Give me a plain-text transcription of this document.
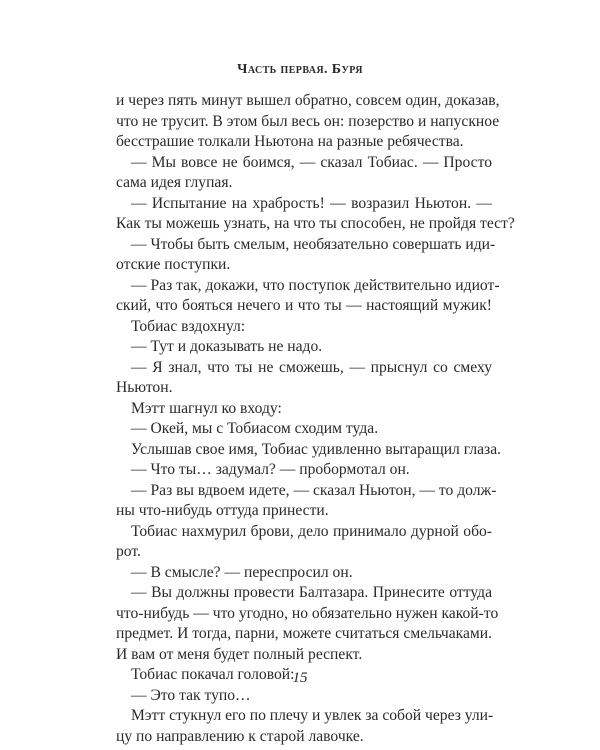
Часть первая. Буря
и через пять минут вышел обратно, совсем один, доказав,
что не трусит. В этом был весь он: позерство и напускное
бесстрашие толкали Ньютона на разные ребячества.
— Мы вовсе не боимся, — сказал Тобиас. — Просто
сама идея глупая.
— Испытание на храбрость! — возразил Ньютон. —
Как ты можешь узнать, на что ты способен, не пройдя тест?
— Чтобы быть смелым, необязательно совершать иди-
отские поступки.
— Раз так, докажи, что поступок действительно идиот-
ский, что бояться нечего и что ты — настоящий мужик!
Тобиас вздохнул:
— Тут и доказывать не надо.
— Я знал, что ты не сможешь, — прыснул со смеху
Ньютон.
Мэтт шагнул ко входу:
— Окей, мы с Тобиасом сходим туда.
Услышав свое имя, Тобиас удивленно вытаращил глаза.
— Что ты… задумал? — пробормотал он.
— Раз вы вдвоем идете, — сказал Ньютон, — то долж-
ны что-нибудь оттуда принести.
Тобиас нахмурил брови, дело принимало дурной обо-
рот.
— В смысле? — переспросил он.
— Вы должны провести Балтазара. Принесите оттуда
что-нибудь — что угодно, но обязательно нужен какой-то
предмет. И тогда, парни, можете считаться смельчаками.
И вам от меня будет полный респект.
Тобиас покачал головой:
— Это так тупо…
Мэтт стукнул его по плечу и увлек за собой через ули-
цу по направлению к старой лавочке.
15
